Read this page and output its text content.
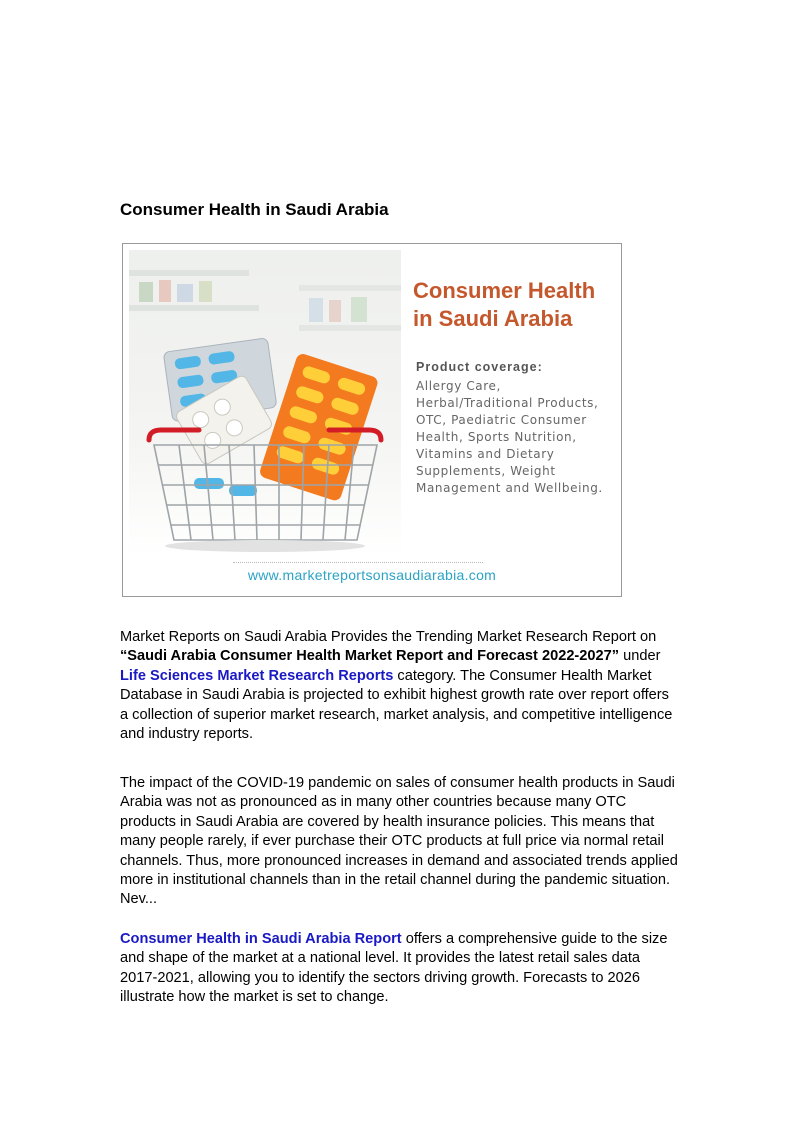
Consumer Health in Saudi Arabia
Consumer Health in Saudi Arabia
Product coverage:
Allergy Care, Herbal/Traditional Products, OTC, Paediatric Consumer Health, Sports Nutrition, Vitamins and Dietary Supplements, Weight Management and Wellbeing.
www.marketreportsonsaudiarabia.com

Market Reports on Saudi Arabia Provides the Trending Market Research Report on “Saudi Arabia Consumer Health Market Report and Forecast 2022-2027” under Life Sciences Market Research Reports category. The Consumer Health Market Database in Saudi Arabia is projected to exhibit highest growth rate over report offers a collection of superior market research, market analysis, and competitive intelligence and industry reports.

The impact of the COVID-19 pandemic on sales of consumer health products in Saudi Arabia was not as pronounced as in many other countries because many OTC products in Saudi Arabia are covered by health insurance policies. This means that many people rarely, if ever purchase their OTC products at full price via normal retail channels. Thus, more pronounced increases in demand and associated trends applied more in institutional channels than in the retail channel during the pandemic situation. Nev...

Consumer Health in Saudi Arabia Report offers a comprehensive guide to the size and shape of the market at a national level. It provides the latest retail sales data 2017-2021, allowing you to identify the sectors driving growth. Forecasts to 2026 illustrate how the market is set to change.
